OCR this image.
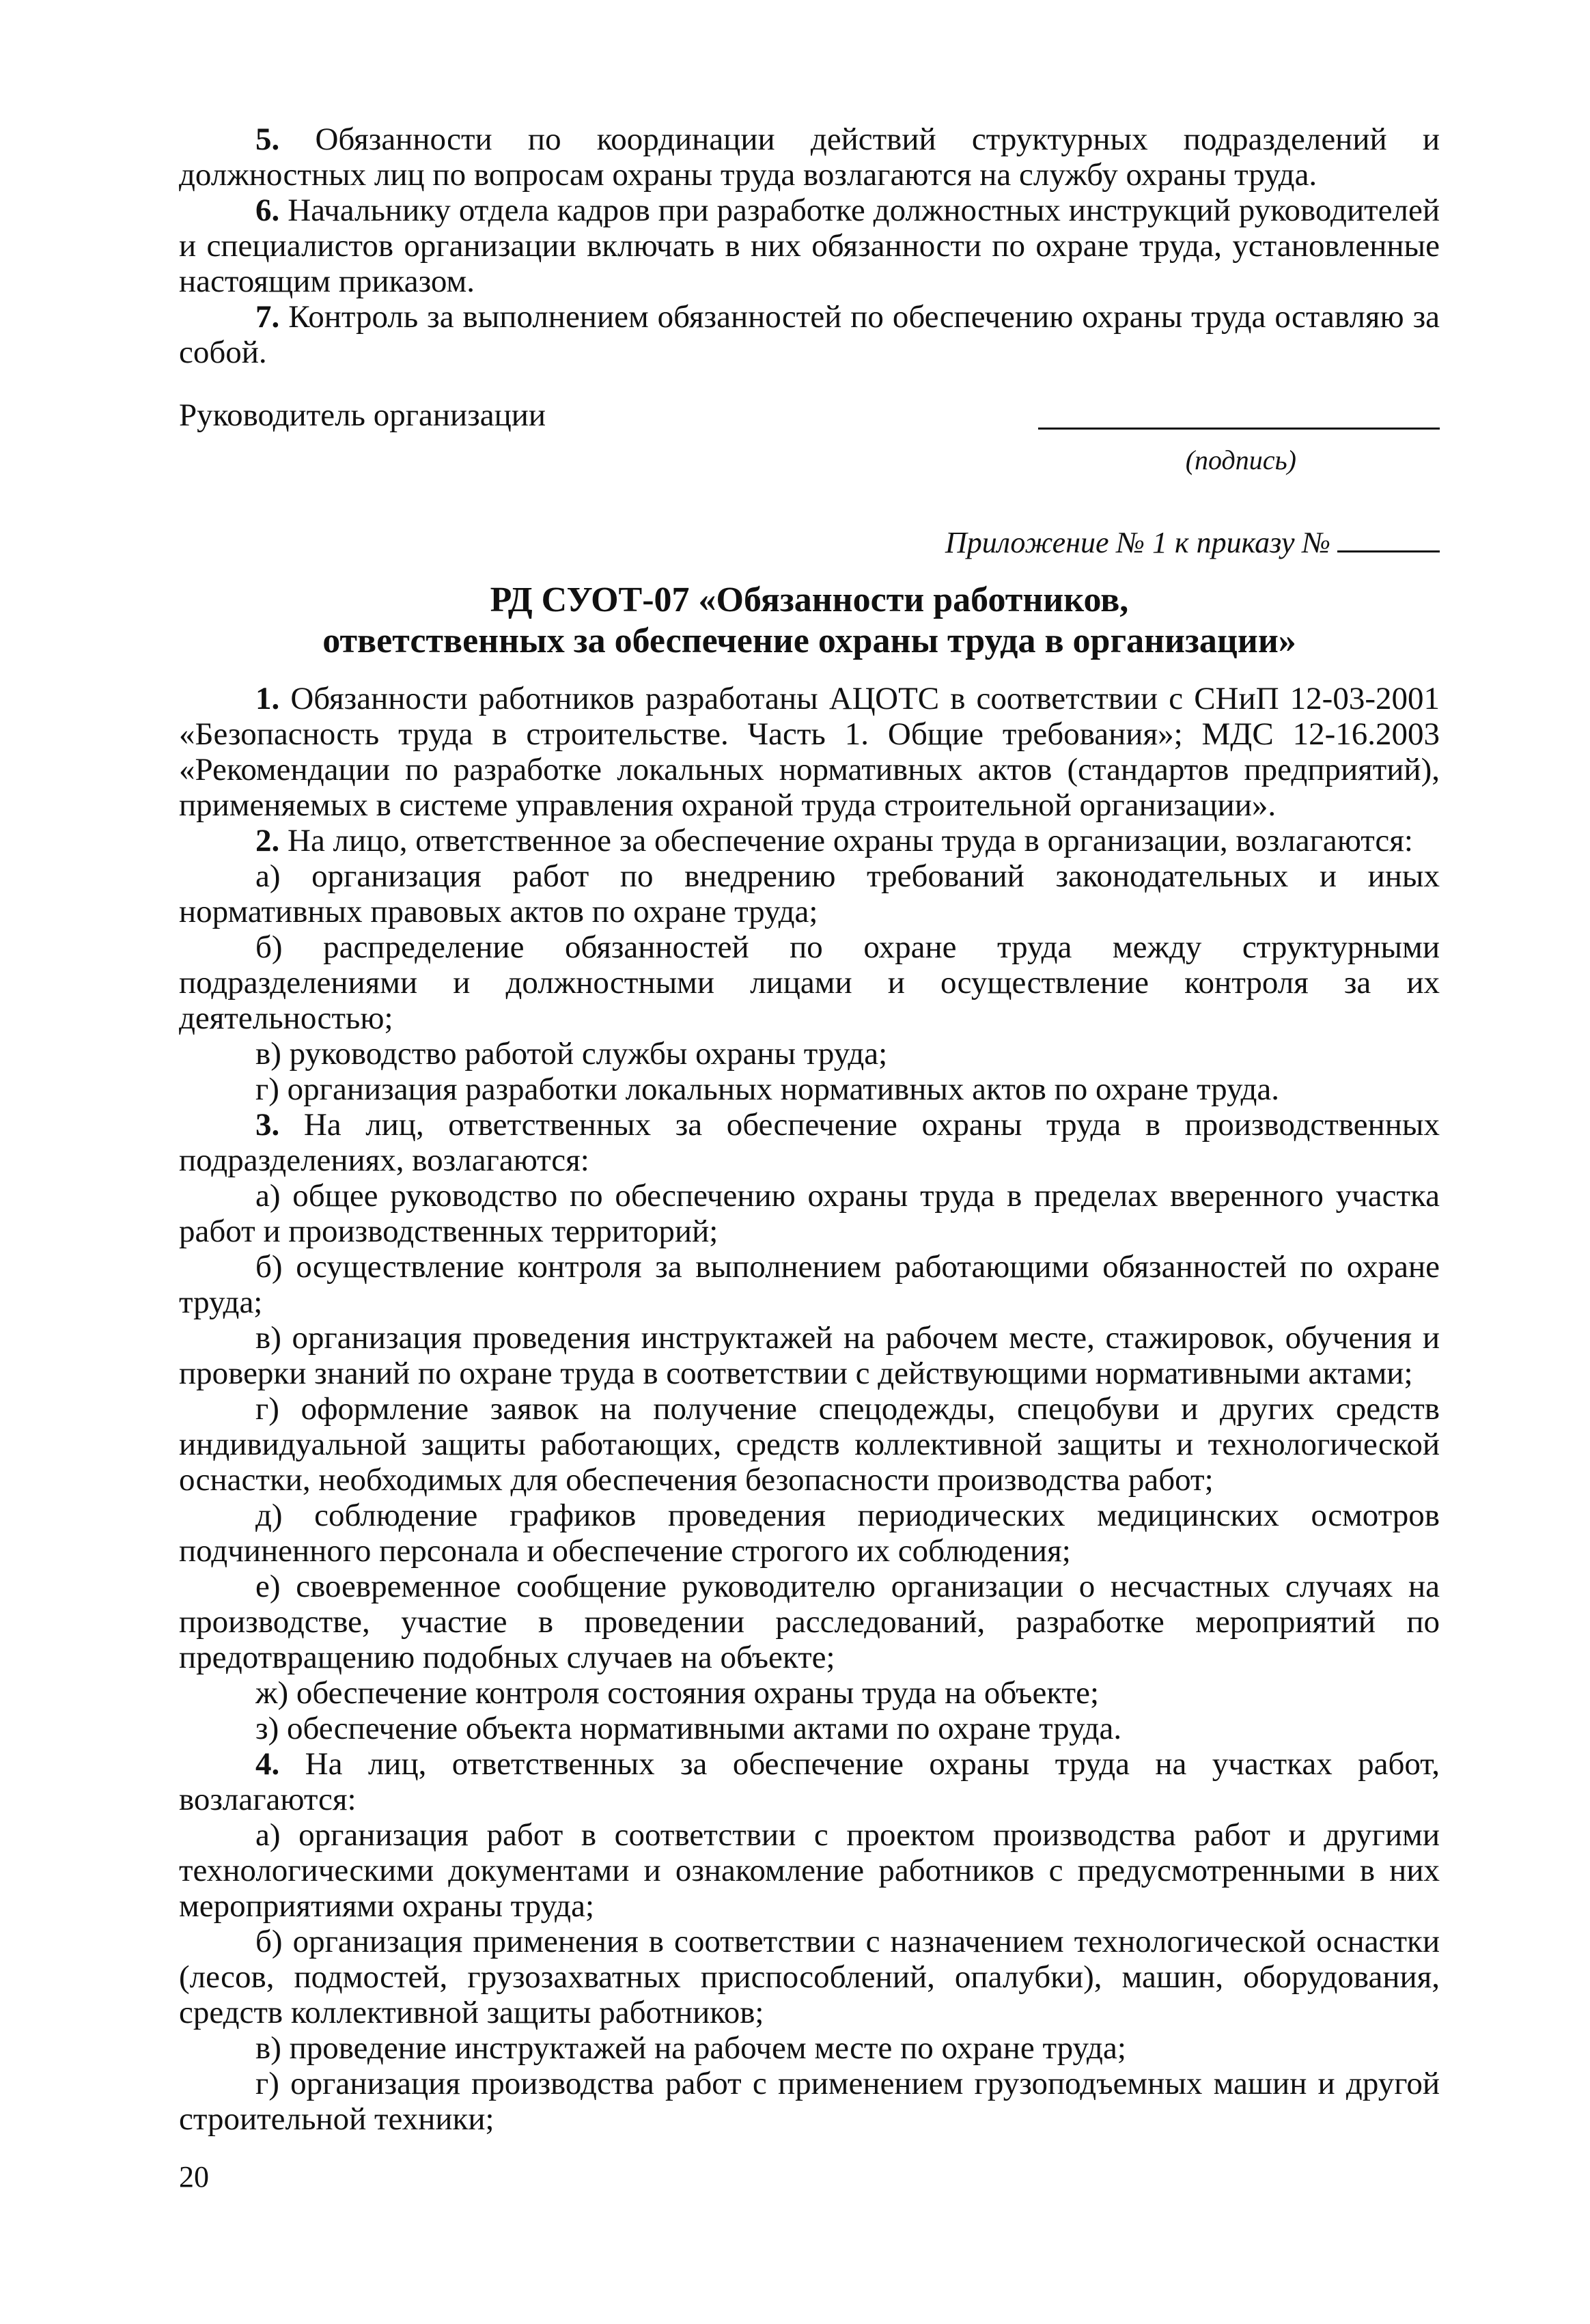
5. Обязанности по координации действий структурных подразделений и должностных лиц по вопросам охраны труда возлагаются на службу охраны труда.

6. Начальнику отдела кадров при разработке должностных инструкций руководителей и специалистов организации включать в них обязанности по охране труда, установленные настоящим приказом.

7. Контроль за выполнением обязанностей по обеспечению охраны труда оставляю за собой.

Руководитель организации
(подпись)
Приложение № 1 к приказу №
РД СУОТ-07 «Обязанности работников,
ответственных за обеспечение охраны труда в организации»

1. Обязанности работников разработаны АЦОТС в соответствии с СНиП 12-03-2001 «Безопасность труда в строительстве. Часть 1. Общие требования»; МДС 12-16.2003 «Рекомендации по разработке локальных нормативных актов (стандартов предприятий), применяемых в системе управления охраной труда строительной организации».

2. На лицо, ответственное за обеспечение охраны труда в организации, возлагаются:

а) организация работ по внедрению требований законодательных и иных нормативных правовых актов по охране труда;

б) распределение обязанностей по охране труда между структурными подразделениями и должностными лицами и осуществление контроля за их деятельностью;

в) руководство работой службы охраны труда;

г) организация разработки локальных нормативных актов по охране труда.

3. На лиц, ответственных за обеспечение охраны труда в производственных подразделениях, возлагаются:

а) общее руководство по обеспечению охраны труда в пределах вверенного участка работ и производственных территорий;

б) осуществление контроля за выполнением работающими обязанностей по охране труда;

в) организация проведения инструктажей на рабочем месте, стажировок, обучения и проверки знаний по охране труда в соответствии с действующими нормативными актами;

г) оформление заявок на получение спецодежды, спецобуви и других средств индивидуальной защиты работающих, средств коллективной защиты и технологической оснастки, необходимых для обеспечения безопасности производства работ;

д) соблюдение графиков проведения периодических медицинских осмотров подчиненного персонала и обеспечение строгого их соблюдения;

е) своевременное сообщение руководителю организации о несчастных случаях на производстве, участие в проведении расследований, разработке мероприятий по предотвращению подобных случаев на объекте;

ж) обеспечение контроля состояния охраны труда на объекте;

з) обеспечение объекта нормативными актами по охране труда.

4. На лиц, ответственных за обеспечение охраны труда на участках работ, возлагаются:

а) организация работ в соответствии с проектом производства работ и другими технологическими документами и ознакомление работников с предусмотренными в них мероприятиями охраны труда;

б) организация применения в соответствии с назначением технологической оснастки (лесов, подмостей, грузозахватных приспособлений, опалубки), машин, оборудования, средств коллективной защиты работников;

в) проведение инструктажей на рабочем месте по охране труда;

г) организация производства работ с применением грузоподъемных машин и другой строительной техники;

20
